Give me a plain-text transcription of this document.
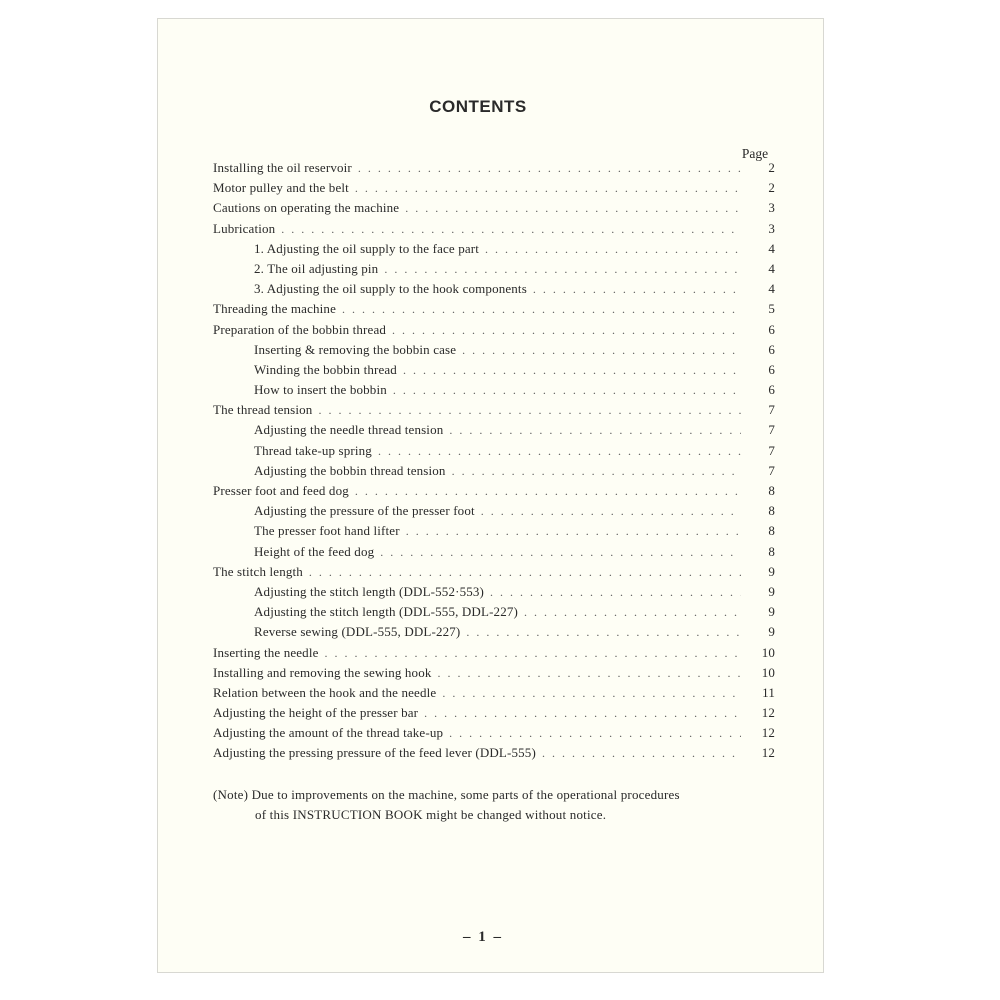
CONTENTS
Page
Installing the oil reservoir . . .	2
Motor pulley and the belt . . .	2
Cautions on operating the machine . . .	3
Lubrication . . .	3
1. Adjusting the oil supply to the face part . . .	4
2. The oil adjusting pin . . .	4
3. Adjusting the oil supply to the hook components . . .	4
Threading the machine . . .	5
Preparation of the bobbin thread . . .	6
Inserting & removing the bobbin case . . .	6
Winding the bobbin thread . . .	6
How to insert the bobbin . . .	6
The thread tension . . .	7
Adjusting the needle thread tension . . .	7
Thread take-up spring . . .	7
Adjusting the bobbin thread tension . . .	7
Presser foot and feed dog . . .	8
Adjusting the pressure of the presser foot . . .	8
The presser foot hand lifter . . .	8
Height of the feed dog . . .	8
The stitch length . . .	9
Adjusting the stitch length (DDL-552·553) . . .	9
Adjusting the stitch length (DDL-555, DDL-227) . . .	9
Reverse sewing (DDL-555, DDL-227) . . .	9
Inserting the needle . . .	10
Installing and removing the sewing hook . . .	10
Relation between the hook and the needle . . .	11
Adjusting the height of the presser bar . . .	12
Adjusting the amount of the thread take-up . . .	12
Adjusting the pressing pressure of the feed lever (DDL-555) . . .	12
(Note) Due to improvements on the machine, some parts of the operational procedures
of this INSTRUCTION BOOK might be changed without notice.
– 1 –
